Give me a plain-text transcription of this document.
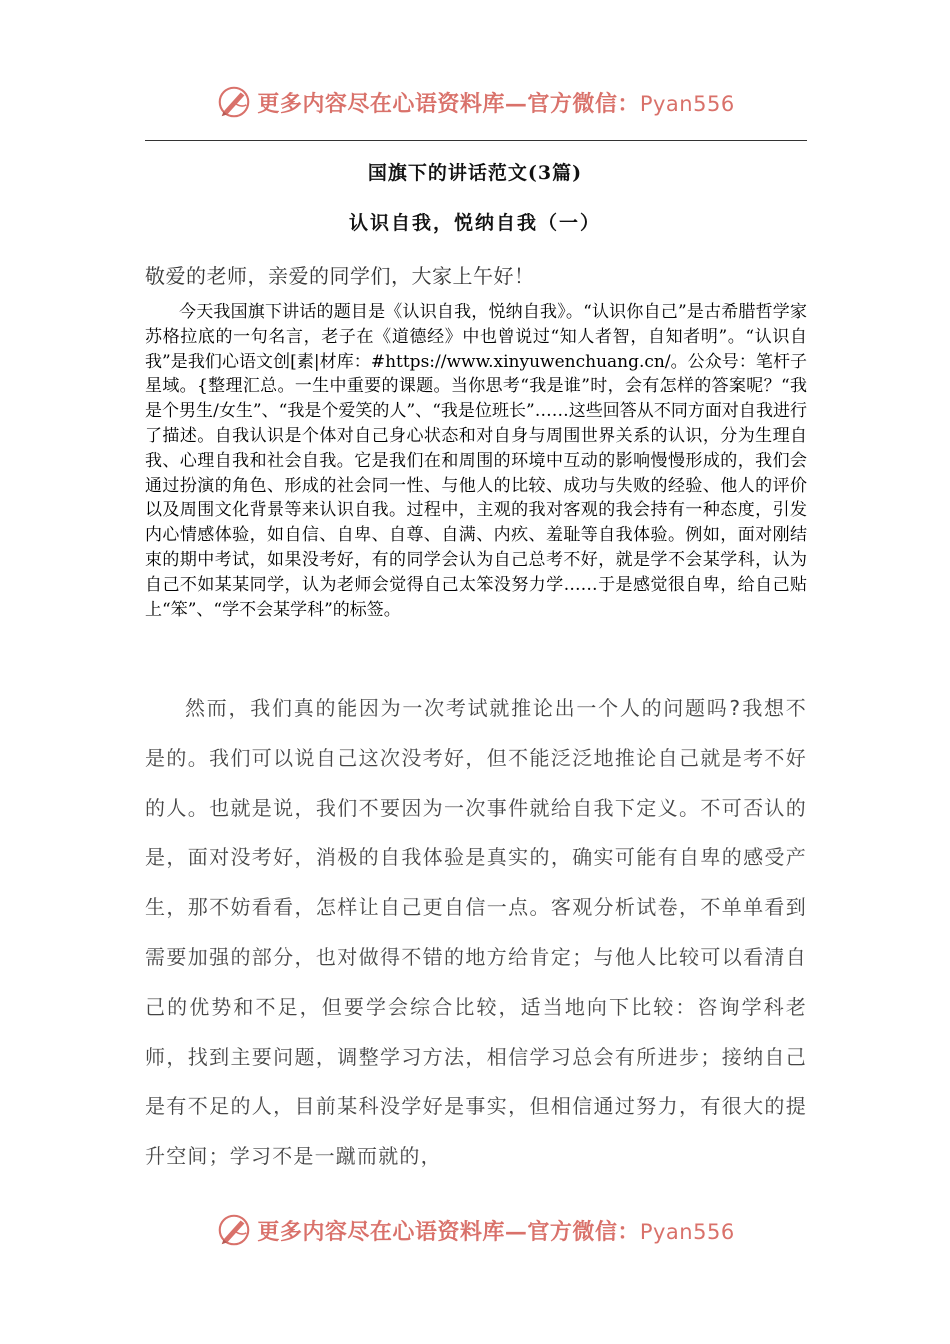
更多内容尽在心语资料库—官方微信：Pyan556
国旗下的讲话范文(3篇)
认识自我，悦纳自我（一）
敬爱的老师，亲爱的同学们，大家上午好！
今天我国旗下讲话的题目是《认识自我，悦纳自我》。“认识你自己”是古希腊哲学家苏格拉底的一句名言，老子在《道德经》中也曾说过“知人者智，自知者明”。“认识自我”是我们心语文创[素|材库：#https://www.xinyuwenchuang.cn/。公众号：笔杆子星域。{整理汇总。一生中重要的课题。当你思考“我是谁”时，会有怎样的答案呢？“我是个男生/女生”、“我是个爱笑的人”、“我是位班长”……这些回答从不同方面对自我进行了描述。自我认识是个体对自己身心状态和对自身与周围世界关系的认识，分为生理自我、心理自我和社会自我。它是我们在和周围的环境中互动的影响慢慢形成的，我们会通过扮演的角色、形成的社会同一性、与他人的比较、成功与失败的经验、他人的评价以及周围文化背景等来认识自我。过程中，主观的我对客观的我会持有一种态度，引发内心情感体验，如自信、自卑、自尊、自满、内疚、羞耻等自我体验。例如，面对刚结束的期中考试，如果没考好，有的同学会认为自己总考不好，就是学不会某学科，认为自己不如某某同学，认为老师会觉得自己太笨没努力学……于是感觉很自卑，给自己贴上“笨”、“学不会某学科”的标签。
然而，我们真的能因为一次考试就推论出一个人的问题吗?我想不是的。我们可以说自己这次没考好，但不能泛泛地推论自己就是考不好的人。也就是说，我们不要因为一次事件就给自我下定义。不可否认的是，面对没考好，消极的自我体验是真实的，确实可能有自卑的感受产生，那不妨看看，怎样让自己更自信一点。客观分析试卷，不单单看到需要加强的部分，也对做得不错的地方给肯定；与他人比较可以看清自己的优势和不足，但要学会综合比较，适当地向下比较：咨询学科老师，找到主要问题，调整学习方法，相信学习总会有所进步；接纳自己是有不足的人，目前某科没学好是事实，但相信通过努力，有很大的提升空间；学习不是一蹴而就的，
更多内容尽在心语资料库—官方微信：Pyan556
